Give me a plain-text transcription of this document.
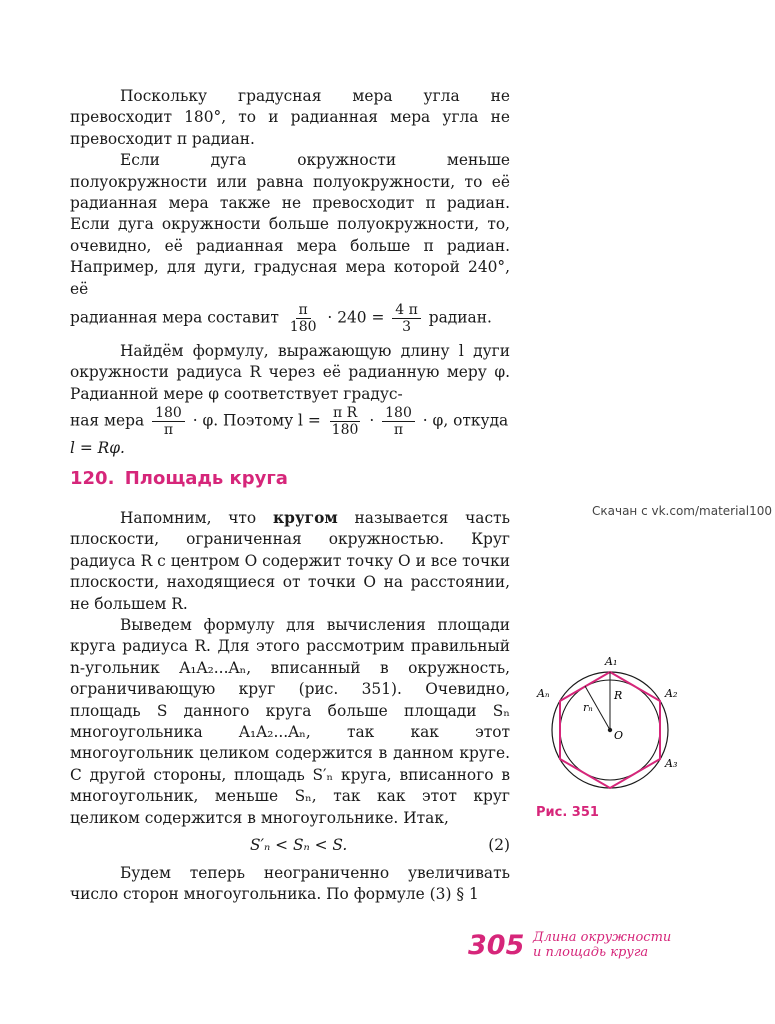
Поскольку градусная мера угла не превосходит 180°, то и радианная мера угла не превосходит π радиан.

Если дуга окружности меньше полуокружности или равна полуокружности, то её радианная мера также не превосходит π радиан. Если дуга окружности больше полуокружности, то, очевидно, её радианная мера больше π радиан. Например, для дуги, градусная мера которой 240°, её

радианная мера составит $\frac{\pi}{180} \cdot 240 = \frac{4 \pi}{3}$ радиан.

Найдём формулу, выражающую длину l дуги окружности радиуса R через её радианную меру φ. Радианной мере φ соответствует градус-

ная мера $\frac{180}{\pi} \cdot \varphi$. Поэтому $l = \frac{\text{π R}}{180} \cdot \frac{180}{\pi} \cdot \varphi$, откуда
l = Rφ.
120. Площадь круга
Скачан с vk.com/material100

Напомним, что кругом называется часть плоскости, ограниченная окружностью. Круг радиуса R с центром O содержит точку O и все точки плоскости, находящиеся от точки O на расстоянии, не большем R.

Выведем формулу для вычисления площади круга радиуса R. Для этого рассмотрим правильный n-угольник A₁A₂...Aₙ, вписанный в окружность, ограничивающую круг (рис. 351). Очевидно, площадь S данного круга больше площади Sₙ многоугольника A₁A₂...Aₙ, так как этот многоугольник целиком содержится в данном круге. С другой стороны, площадь S′ₙ круга, вписанного в многоугольник, меньше Sₙ, так как этот круг целиком содержится в многоугольнике. Итак,

S′ₙ < Sₙ < S.	(2)

Будем теперь неограниченно увеличивать число сторон многоугольника. По формуле (3) § 1

A₁
A₂
A₃
Aₙ	R
rₙ
O
Рис. 351
305 Длина окружности
и площадь круга
